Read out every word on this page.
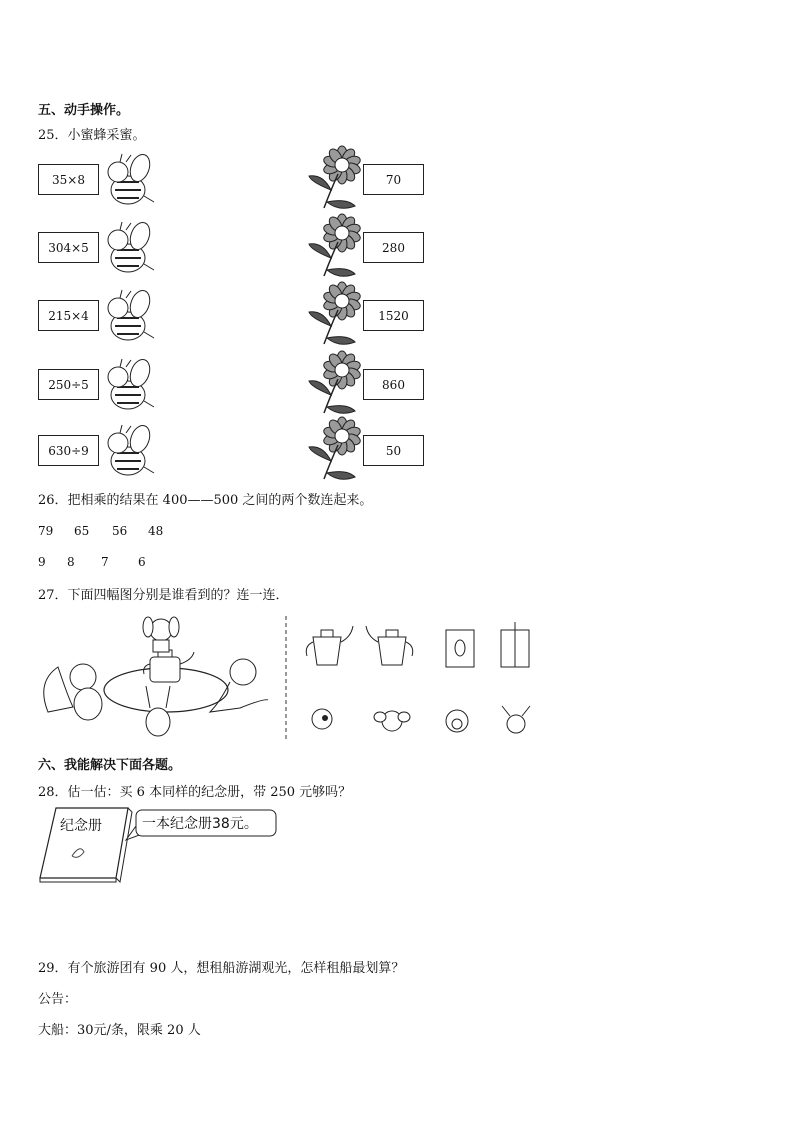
五、动手操作。
25．小蜜蜂采蜜。
35×8	70
304×5	280
215×4	1520
250÷5	860
630÷9	50
26．把相乘的结果在 400——500 之间的两个数连起来。
79 65 56 48
9 8 7 6
27．下面四幅图分别是谁看到的？连一连．
六、我能解决下面各题。
28．估一估：买 6 本同样的纪念册，带 250 元够吗？
纪念册	一本纪念册38元。
29．有个旅游团有 90 人，想租船游湖观光，怎样租船最划算？
公告：
大船：30元/条，限乘 20 人
